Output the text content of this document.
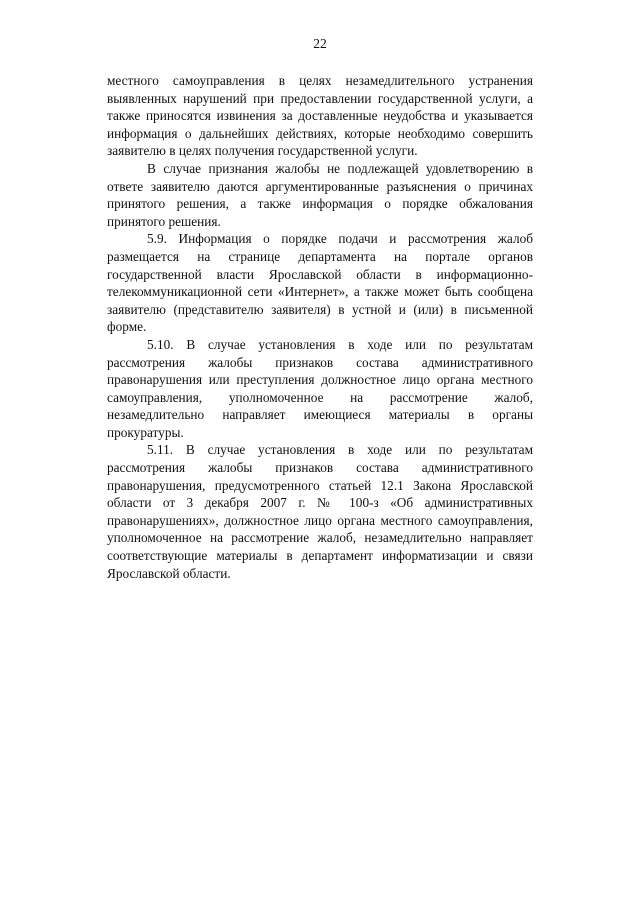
22

местного самоуправления в целях незамедлительного устранения выявленных нарушений при предоставлении государственной услуги, а также приносятся извинения за доставленные неудобства и указывается информация о дальнейших действиях, которые необходимо совершить заявителю в целях получения государственной услуги.

В случае признания жалобы не подлежащей удовлетворению в ответе заявителю даются аргументированные разъяснения о причинах принятого решения, а также информация о порядке обжалования принятого решения.

5.9. Информация о порядке подачи и рассмотрения жалоб размещается на странице департамента на портале органов государственной власти Ярославской области в информационно-телекоммуникационной сети «Интернет», а также может быть сообщена заявителю (представителю заявителя) в устной и (или) в письменной форме.

5.10. В случае установления в ходе или по результатам рассмотрения жалобы признаков состава административного правонарушения или преступления должностное лицо органа местного самоуправления, уполномоченное на рассмотрение жалоб, незамедлительно направляет имеющиеся материалы в органы прокуратуры.

5.11. В случае установления в ходе или по результатам рассмотрения жалобы признаков состава административного правонарушения, предусмотренного статьей 12.1 Закона Ярославской области от 3 декабря 2007 г. № 100-з «Об административных правонарушениях», должностное лицо органа местного самоуправления, уполномоченное на рассмотрение жалоб, незамедлительно направляет соответствующие материалы в департамент информатизации и связи Ярославской области.
